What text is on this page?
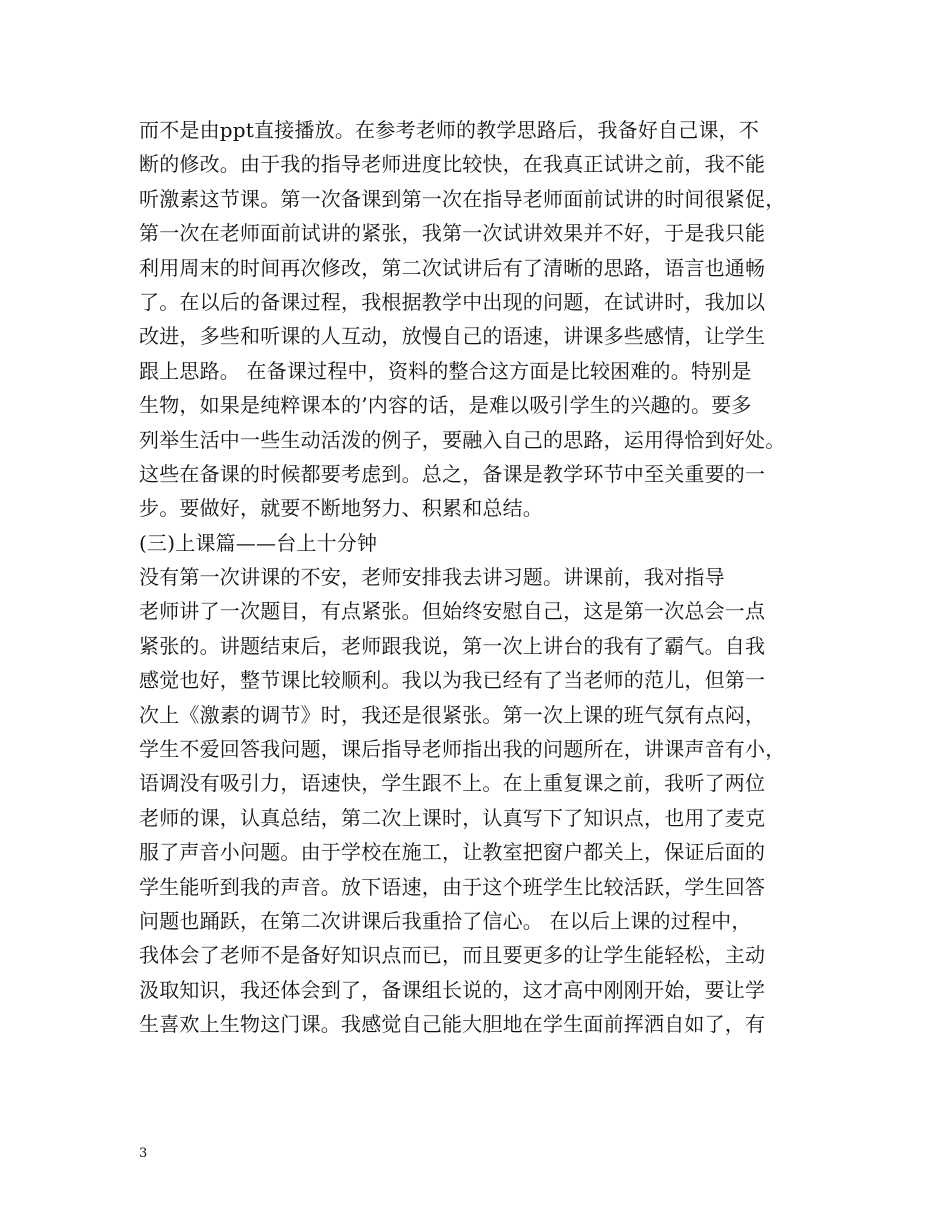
而不是由ppt直接播放。在参考老师的教学思路后，我备好自己课，不
断的修改。由于我的指导老师进度比较快，在我真正试讲之前，我不能
听激素这节课。第一次备课到第一次在指导老师面前试讲的时间很紧促，
第一次在老师面前试讲的紧张，我第一次试讲效果并不好，于是我只能
利用周末的时间再次修改，第二次试讲后有了清晰的思路，语言也通畅
了。在以后的备课过程，我根据教学中出现的问题，在试讲时，我加以
改进，多些和听课的人互动，放慢自己的语速，讲课多些感情，让学生
跟上思路。 在备课过程中，资料的整合这方面是比较困难的。特别是
生物，如果是纯粹课本的’内容的话，是难以吸引学生的兴趣的。要多
列举生活中一些生动活泼的例子，要融入自己的思路，运用得恰到好处。
这些在备课的时候都要考虑到。总之，备课是教学环节中至关重要的一
步。要做好，就要不断地努力、积累和总结。
(三)上课篇——台上十分钟
没有第一次讲课的不安，老师安排我去讲习题。讲课前，我对指导
老师讲了一次题目，有点紧张。但始终安慰自己，这是第一次总会一点
紧张的。讲题结束后，老师跟我说，第一次上讲台的我有了霸气。自我
感觉也好，整节课比较顺利。我以为我已经有了当老师的范儿，但第一
次上《激素的调节》时，我还是很紧张。第一次上课的班气氛有点闷，
学生不爱回答我问题，课后指导老师指出我的问题所在，讲课声音有小，
语调没有吸引力，语速快，学生跟不上。在上重复课之前，我听了两位
老师的课，认真总结，第二次上课时，认真写下了知识点，也用了麦克
服了声音小问题。由于学校在施工，让教室把窗户都关上，保证后面的
学生能听到我的声音。放下语速，由于这个班学生比较活跃，学生回答
问题也踊跃，在第二次讲课后我重拾了信心。 在以后上课的过程中，
我体会了老师不是备好知识点而已，而且要更多的让学生能轻松，主动
汲取知识，我还体会到了，备课组长说的，这才高中刚刚开始，要让学
生喜欢上生物这门课。我感觉自己能大胆地在学生面前挥洒自如了，有
3
